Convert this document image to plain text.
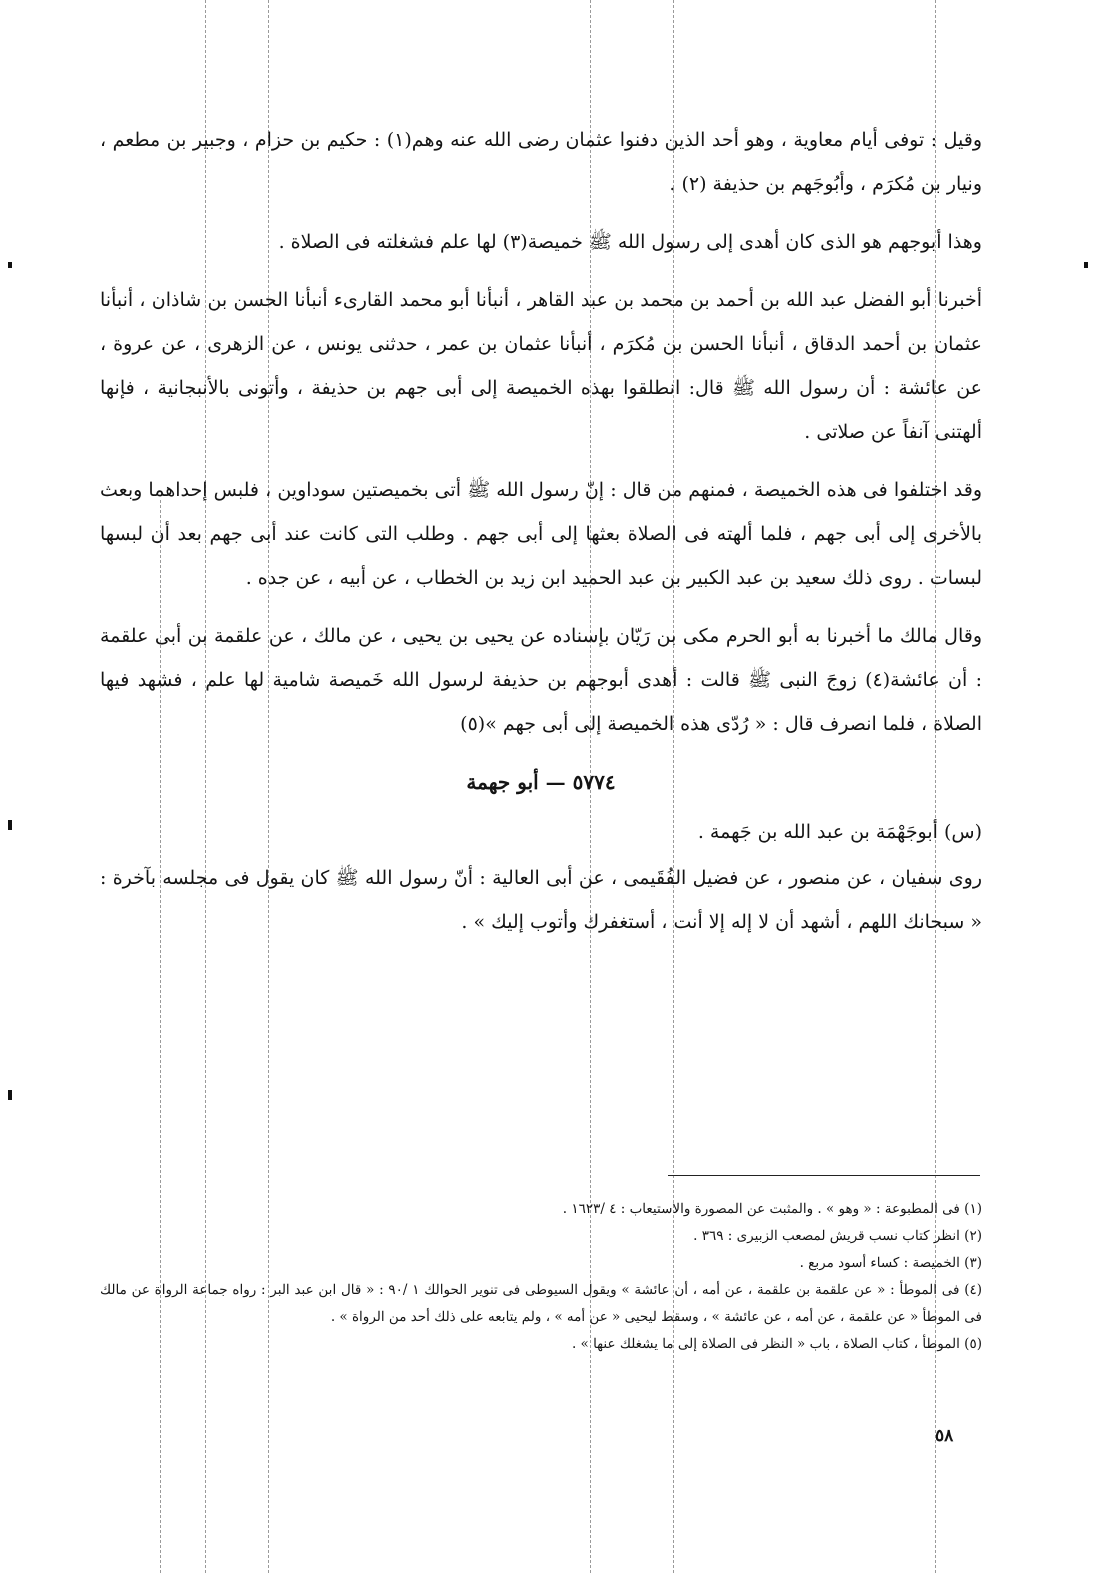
وقيل : توفى أيام معاوية ، وهو أحد الذين دفنوا عثمان رضى الله عنه وهم(١) : حكيم بن حزام ، وجبير بن مطعم ، ونيار بن مُكرَم ، وأبُوجَهم بن حذيفة (٢) .

وهذا أبوجهم هو الذى كان أهدى إلى رسول الله ﷺ خميصة(٣) لها علم فشغلته فى الصلاة .

أخبرنا أبو الفضل عبد الله بن أحمد بن محمد بن عبد القاهر ، أنبأنا أبو محمد القارىء أنبأنا الحسن بن شاذان ، أنبأنا عثمان بن أحمد الدقاق ، أنبأنا الحسن بن مُكرَم ، أنبأنا عثمان بن عمر ، حدثنى يونس ، عن الزهرى ، عن عروة ، عن عائشة : أن رسول الله ﷺ قال: انطلقوا بهذه الخميصة إلى أبى جهم بن حذيفة ، وأتونى بالأنبجانية ، فإنها ألهتنى آنفاً عن صلاتى .

وقد اختلفوا فى هذه الخميصة ، فمنهم من قال : إنّ رسول الله ﷺ أتى بخميصتين سوداوين ، فلبس إحداهما وبعث بالأخرى إلى أبى جهم ، فلما ألهته فى الصلاة بعثها إلى أبى جهم . وطلب التى كانت عند أبى جهم بعد أن لبسها لبسات . روى ذلك سعيد بن عبد الكبير بن عبد الحميد ابن زيد بن الخطاب ، عن أبيه ، عن جده .

وقال مالك ما أخبرنا به أبو الحرم مكى بن رَيّان بإسناده عن يحيى بن يحيى ، عن مالك ، عن علقمة بن أبى علقمة : أن عائشة(٤) زوجَ النبى ﷺ قالت : أهدى أبوجهم بن حذيفة لرسول الله خَميصة شامية لها علم ، فشهد فيها الصلاة ، فلما انصرف قال : « رُدّى هذه الخميصة إلى أبى جهم »(٥)

٥٧٧٤ — أبو جهمة

(س) أبوجَهْمَة بن عبد الله بن جَهمة .

روى سفيان ، عن منصور ، عن فضيل الفُقَيمى ، عن أبى العالية : أنّ رسول الله ﷺ كان يقول فى مجلسه بآخرة : « سبحانك اللهم ، أشهد أن لا إله إلا أنت ، أستغفرك وأتوب إليك » .

(١) فى المطبوعة : « وهو » . والمثبت عن المصورة والاستيعاب : ٤ /١٦٢٣ .

(٢) انظر كتاب نسب قريش لمصعب الزبيرى : ٣٦٩ .

(٣) الخميصة : كساء أسود مربع .

(٤) فى الموطأ : « عن علقمة بن علقمة ، عن أمه ، أن عائشة » ويقول السيوطى فى تنوير الحوالك ١ /٩٠ : « قال ابن عبد البر : رواه جماعة الرواة عن مالك فى الموطأ « عن علقمة ، عن أمه ، عن عائشة » ، وسقط ليحيى « عن أمه » ، ولم يتابعه على ذلك أحد من الرواة » .

(٥) الموطأ ، كتاب الصلاة ، باب « النظر فى الصلاة إلى ما يشغلك عنها » .

٥٨
